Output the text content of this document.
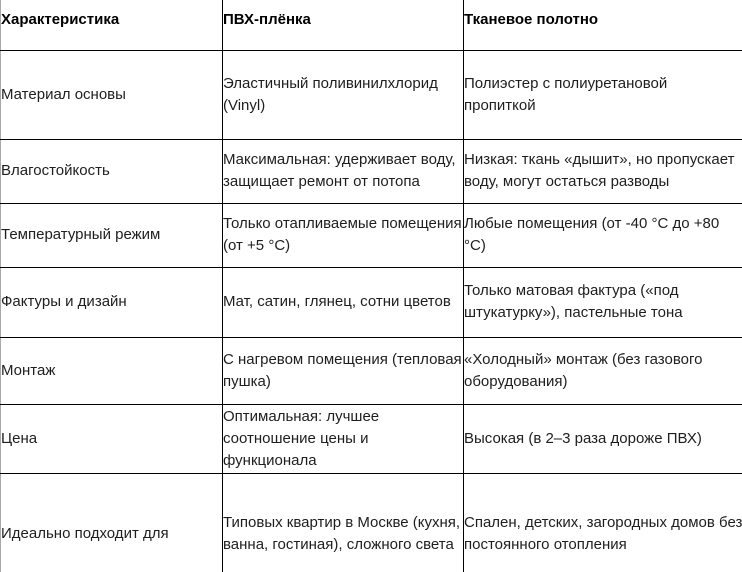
Характеристика	ПВХ-плёнка	Тканевое полотно
Материал основы	Эластичный поливинилхлорид (Vinyl)	Полиэстер с полиуретановой пропиткой
Влагостойкость	Максимальная: удерживает воду, защищает ремонт от потопа	Низкая: ткань «дышит», но пропускает воду, могут остаться разводы
Температурный режим	Только отапливаемые помещения (от +5 °C)	Любые помещения (от -40 °C до +80 °C)
Фактуры и дизайн	Мат, сатин, глянец, сотни цветов	Только матовая фактура («под штукатурку»), пастельные тона
Монтаж	С нагревом помещения (тепловая пушка)	«Холодный» монтаж (без газового оборудования)
Цена	Оптимальная: лучшее соотношение цены и функционала	Высокая (в 2–3 раза дороже ПВХ)
Идеально подходит для	Типовых квартир в Москве (кухня, ванна, гостиная), сложного света	Спален, детских, загородных домов без постоянного отопления
